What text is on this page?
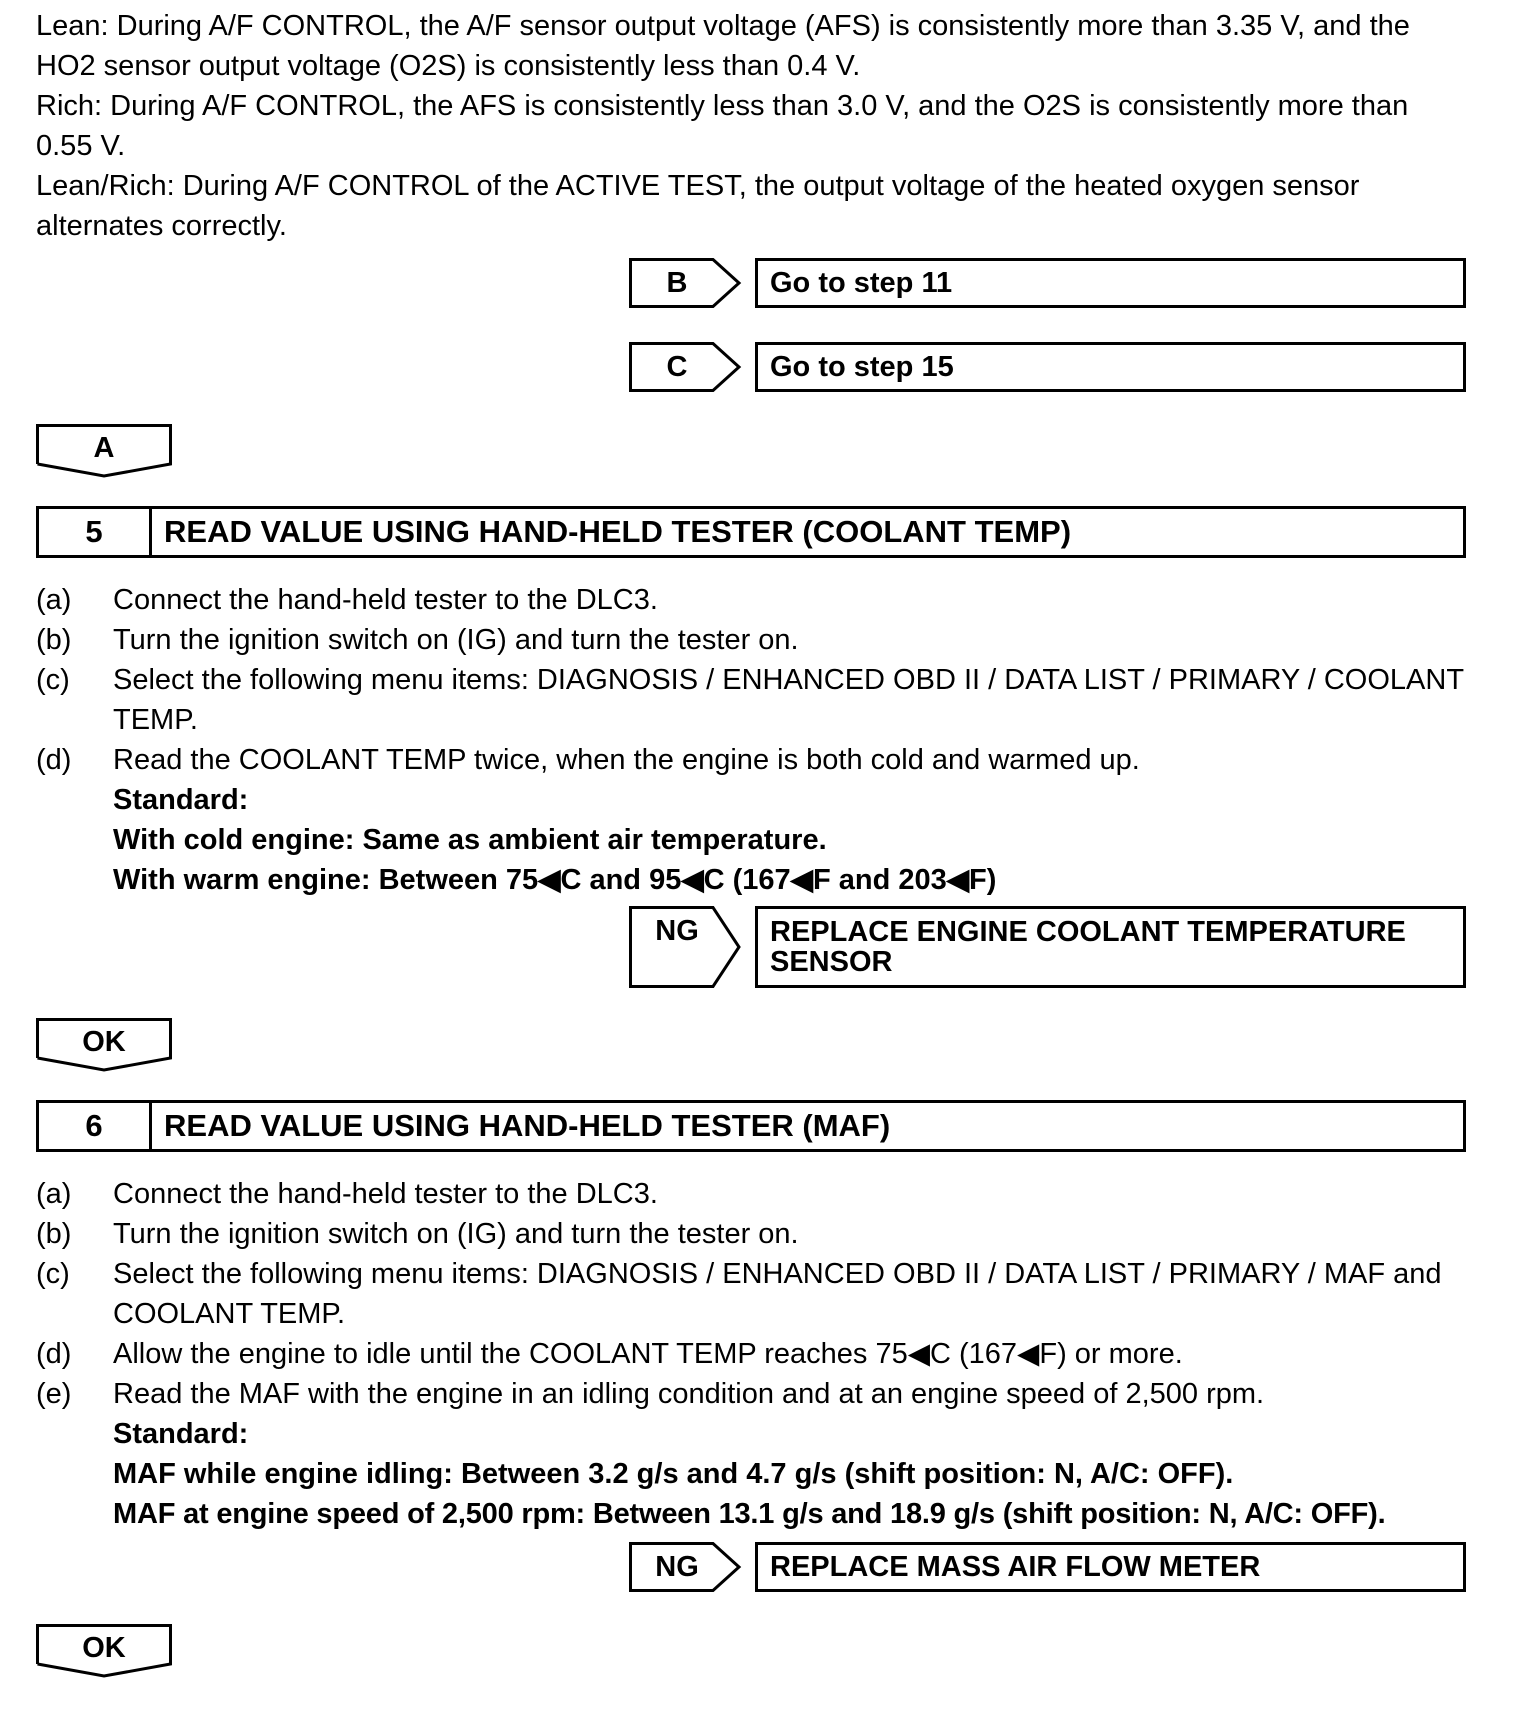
Lean: During A/F CONTROL, the A/F sensor output voltage (AFS) is consistently more than 3.35 V, and the HO2 sensor output voltage (O2S) is consistently less than 0.4 V.

Rich: During A/F CONTROL, the AFS is consistently less than 3.0 V, and the O2S is consistently more than 0.55 V.

Lean/Rich: During A/F CONTROL of the ACTIVE TEST, the output voltage of the heated oxygen sensor alternates correctly.

B	Go to step 11
C	Go to step 15
A
5	READ VALUE USING HAND-HELD TESTER (COOLANT TEMP)
(a)	Connect the hand-held tester to the DLC3.
(b)	Turn the ignition switch on (IG) and turn the tester on.
(c)	Select the following menu items: DIAGNOSIS / ENHANCED OBD II / DATA LIST / PRIMARY / COOLANT TEMP.
(d)	Read the COOLANT TEMP twice, when the engine is both cold and warmed up.
Standard:
With cold engine: Same as ambient air temperature.
With warm engine: Between 75◀C and 95◀C (167◀F and 203◀F)
NG	REPLACE ENGINE COOLANT TEMPERATURE SENSOR
OK
6	READ VALUE USING HAND-HELD TESTER (MAF)
(a)	Connect the hand-held tester to the DLC3.
(b)	Turn the ignition switch on (IG) and turn the tester on.
(c)	Select the following menu items: DIAGNOSIS / ENHANCED OBD II / DATA LIST / PRIMARY / MAF and COOLANT TEMP.
(d)	Allow the engine to idle until the COOLANT TEMP reaches 75◀C (167◀F) or more.
(e)	Read the MAF with the engine in an idling condition and at an engine speed of 2,500 rpm.
Standard:
MAF while engine idling: Between 3.2 g/s and 4.7 g/s (shift position: N, A/C: OFF).
MAF at engine speed of 2,500 rpm: Between 13.1 g/s and 18.9 g/s (shift position: N, A/C: OFF).
NG	REPLACE MASS AIR FLOW METER
OK
